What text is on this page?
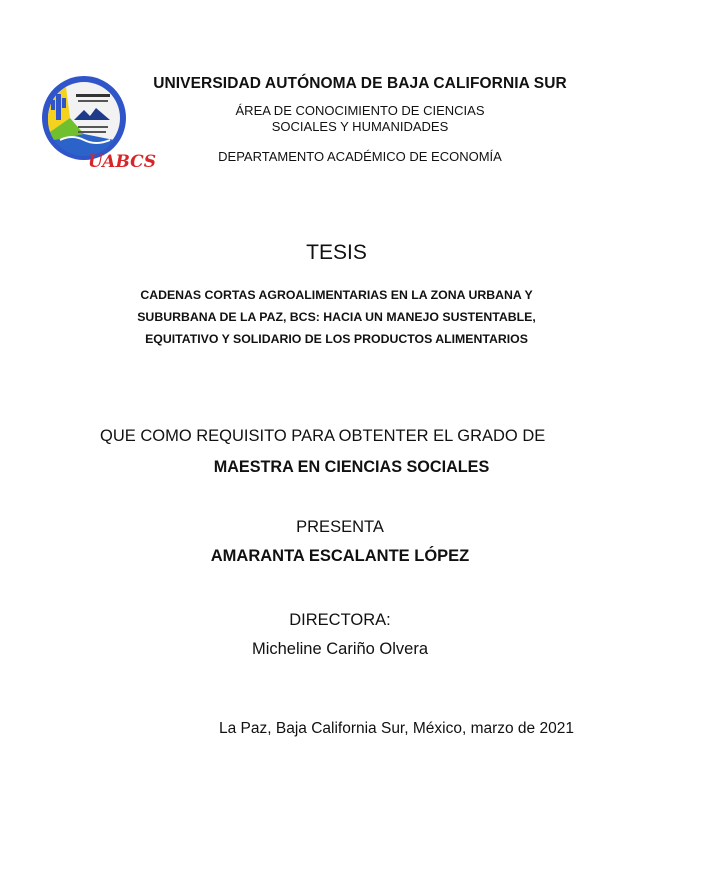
UABCS
UNIVERSIDAD AUTÓNOMA DE BAJA CALIFORNIA SUR
ÁREA DE CONOCIMIENTO DE CIENCIAS
SOCIALES Y HUMANIDADES
DEPARTAMENTO ACADÉMICO DE ECONOMÍA
TESIS
CADENAS CORTAS AGROALIMENTARIAS EN LA ZONA URBANA Y
SUBURBANA DE LA PAZ, BCS: HACIA UN MANEJO SUSTENTABLE,
EQUITATIVO Y SOLIDARIO DE LOS PRODUCTOS ALIMENTARIOS
QUE COMO REQUISITO PARA OBTENTER EL GRADO DE
MAESTRA EN CIENCIAS SOCIALES
PRESENTA
AMARANTA ESCALANTE LÓPEZ
DIRECTORA:
Micheline Cariño Olvera
La Paz, Baja California Sur, México, marzo de 2021
